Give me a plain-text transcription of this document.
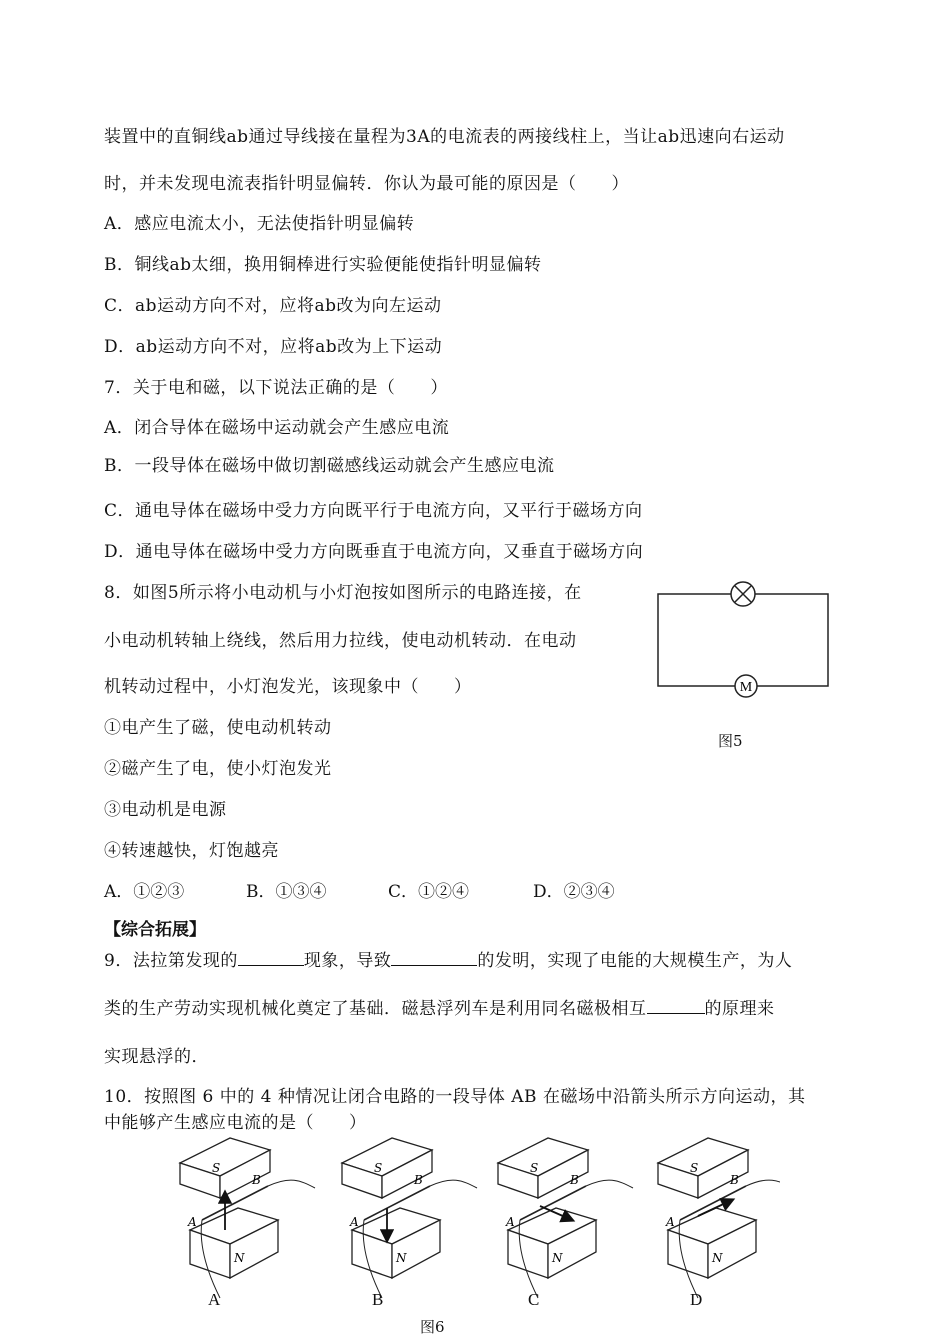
装置中的直铜线ab通过导线接在量程为3A的电流表的两接线柱上，当让ab迅速向右运动
时，并未发现电流表指针明显偏转．你认为最可能的原因是（　　）
A．感应电流太小，无法使指针明显偏转
B．铜线ab太细，换用铜棒进行实验便能使指针明显偏转
C．ab运动方向不对，应将ab改为向左运动
D．ab运动方向不对，应将ab改为上下运动
7．关于电和磁，以下说法正确的是（　　）
A．闭合导体在磁场中运动就会产生感应电流
B．一段导体在磁场中做切割磁感线运动就会产生感应电流
C．通电导体在磁场中受力方向既平行于电流方向，又平行于磁场方向
D．通电导体在磁场中受力方向既垂直于电流方向，又垂直于磁场方向
8．如图5所示将小电动机与小灯泡按如图所示的电路连接，在
小电动机转轴上绕线，然后用力拉线，使电动机转动．在电动
机转动过程中，小灯泡发光，该现象中（　　）
①电产生了磁，使电动机转动
②磁产生了电，使小灯泡发光
③电动机是电源
④转速越快，灯饱越亮
A．①②③	B．①③④	C．①②④	D．②③④
M
图5
【综合拓展】
9．法拉第发现的	现象，导致	的发明，实现了电能的大规模生产，为人
类的生产劳动实现机械化奠定了基础．磁悬浮列车是利用同名磁极相互	的原理来
实现悬浮的．
10．按照图 6 中的 4 种情况让闭合电路的一段导体 AB 在磁场中沿箭头所示方向运动，其
中能够产生感应电流的是（　　）
S
N
A
B
S
N
A
B
S
N
A
B
S
N
A
B
A	B	C	D
图6
